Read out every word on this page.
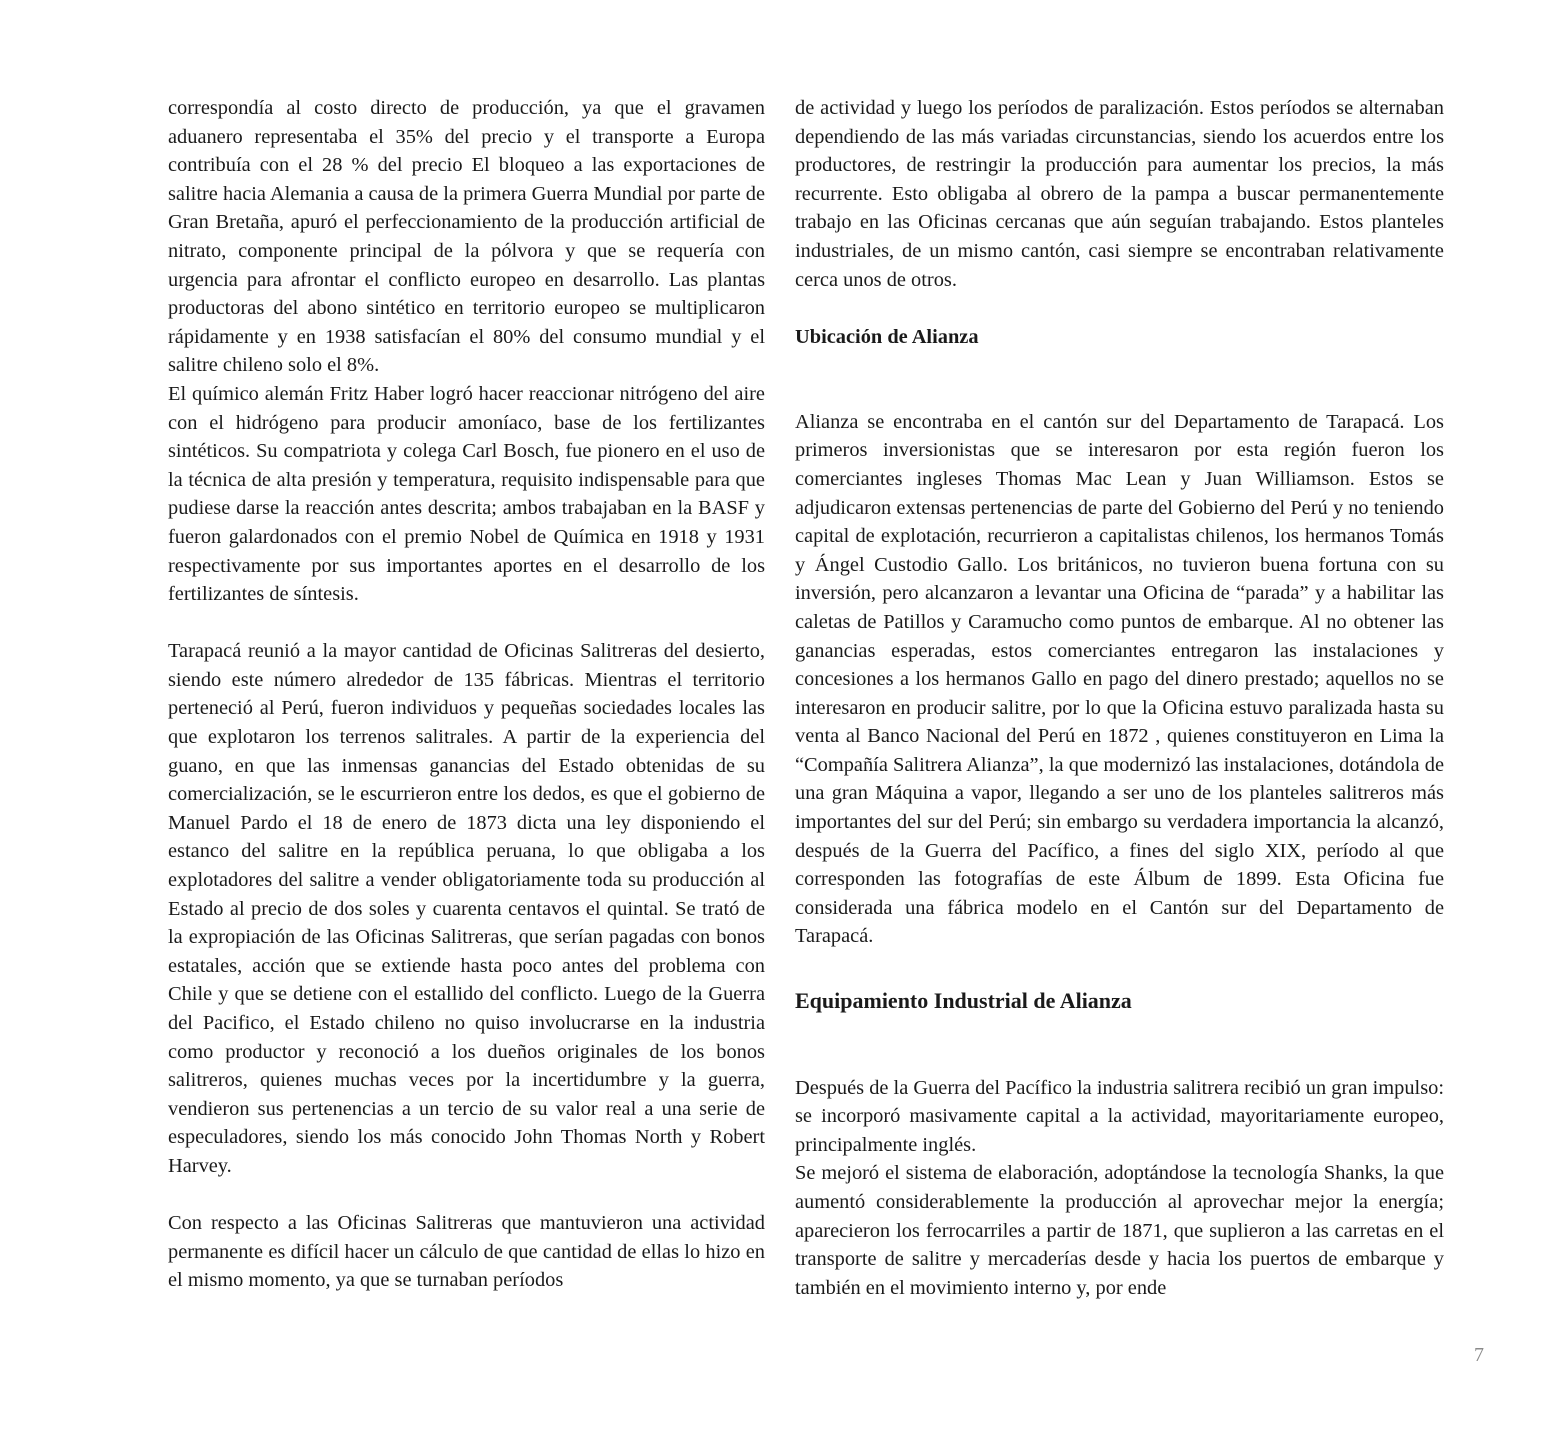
correspondía al costo directo de producción, ya que el gravamen aduanero representaba el 35% del precio y el transporte a Europa contribuía con el 28 % del precio El bloqueo a las exportaciones de salitre hacia Alemania a causa de la primera Guerra Mundial por parte de Gran Bretaña, apuró el perfeccionamiento de la producción artificial de nitrato, componente principal de la pólvora y que se requería con urgencia para afrontar el conflicto europeo en desarrollo. Las plantas productoras del abono sintético en territorio europeo se multiplicaron rápidamente y en 1938 satisfacían el 80% del consumo mundial y el salitre chileno solo el 8%.

El químico alemán Fritz Haber logró hacer reaccionar nitrógeno del aire con el hidrógeno para producir amoníaco, base de los fertilizantes sintéticos. Su compatriota y colega Carl Bosch, fue pionero en el uso de la técnica de alta presión y temperatura, requisito indispensable para que pudiese darse la reacción antes descrita; ambos trabajaban en la BASF y fueron galardonados con el premio Nobel de Química en 1918 y 1931 respectivamente por sus importantes aportes en el desarrollo de los fertilizantes de síntesis.

Tarapacá reunió a la mayor cantidad de Oficinas Salitreras del desierto, siendo este número alrededor de 135 fábricas. Mientras el territorio perteneció al Perú, fueron individuos y pequeñas sociedades locales las que explotaron los terrenos salitrales. A partir de la experiencia del guano, en que las inmensas ganancias del Estado obtenidas de su comercialización, se le escurrieron entre los dedos, es que el gobierno de Manuel Pardo el 18 de enero de 1873 dicta una ley disponiendo el estanco del salitre en la república peruana, lo que obligaba a los explotadores del salitre a vender obligatoriamente toda su producción al Estado al precio de dos soles y cuarenta centavos el quintal. Se trató de la expropiación de las Oficinas Salitreras, que serían pagadas con bonos estatales, acción que se extiende hasta poco antes del problema con Chile y que se detiene con el estallido del conflicto. Luego de la Guerra del Pacifico, el Estado chileno no quiso involucrarse en la industria como productor y reconoció a los dueños originales de los bonos salitreros, quienes muchas veces por la incertidumbre y la guerra, vendieron sus pertenencias a un tercio de su valor real a una serie de especuladores, siendo los más conocido John Thomas North y Robert Harvey.

Con respecto a las Oficinas Salitreras que mantuvieron una actividad permanente es difícil hacer un cálculo de que cantidad de ellas lo hizo en el mismo momento, ya que se turnaban períodos

de actividad y luego los períodos de paralización. Estos períodos se alternaban dependiendo de las más variadas circunstancias, siendo los acuerdos entre los productores, de restringir la producción para aumentar los precios, la más recurrente. Esto obligaba al obrero de la pampa a buscar permanentemente trabajo en las Oficinas cercanas que aún seguían trabajando. Estos planteles industriales, de un mismo cantón, casi siempre se encontraban relativamente cerca unos de otros.

Ubicación de Alianza

Alianza se encontraba en el cantón sur del Departamento de Tarapacá. Los primeros inversionistas que se interesaron por esta región fueron los comerciantes ingleses Thomas Mac Lean y Juan Williamson. Estos se adjudicaron extensas pertenencias de parte del Gobierno del Perú y no teniendo capital de explotación, recurrieron a capitalistas chilenos, los hermanos Tomás y Ángel Custodio Gallo. Los británicos, no tuvieron buena fortuna con su inversión, pero alcanzaron a levantar una Oficina de “parada” y a habilitar las caletas de Patillos y Caramucho como puntos de embarque. Al no obtener las ganancias esperadas, estos comerciantes entregaron las instalaciones y concesiones a los hermanos Gallo en pago del dinero prestado; aquellos no se interesaron en producir salitre, por lo que la Oficina estuvo paralizada hasta su venta al Banco Nacional del Perú en 1872 , quienes constituyeron en Lima la “Compañía Salitrera Alianza”, la que modernizó las instalaciones, dotándola de una gran Máquina a vapor, llegando a ser uno de los planteles salitreros más importantes del sur del Perú; sin embargo su verdadera importancia la alcanzó, después de la Guerra del Pacífico, a fines del siglo XIX, período al que corresponden las fotografías de este Álbum de 1899. Esta Oficina fue considerada una fábrica modelo en el Cantón sur del Departamento de Tarapacá.

Equipamiento Industrial de Alianza

Después de la Guerra del Pacífico la industria salitrera recibió un gran impulso: se incorporó masivamente capital a la actividad, mayoritariamente europeo, principalmente inglés.

Se mejoró el sistema de elaboración, adoptándose la tecnología Shanks, la que aumentó considerablemente la producción al aprovechar mejor la energía; aparecieron los ferrocarriles a partir de 1871, que suplieron a las carretas en el transporte de salitre y mercaderías desde y hacia los puertos de embarque y también en el movimiento interno y, por ende

7
